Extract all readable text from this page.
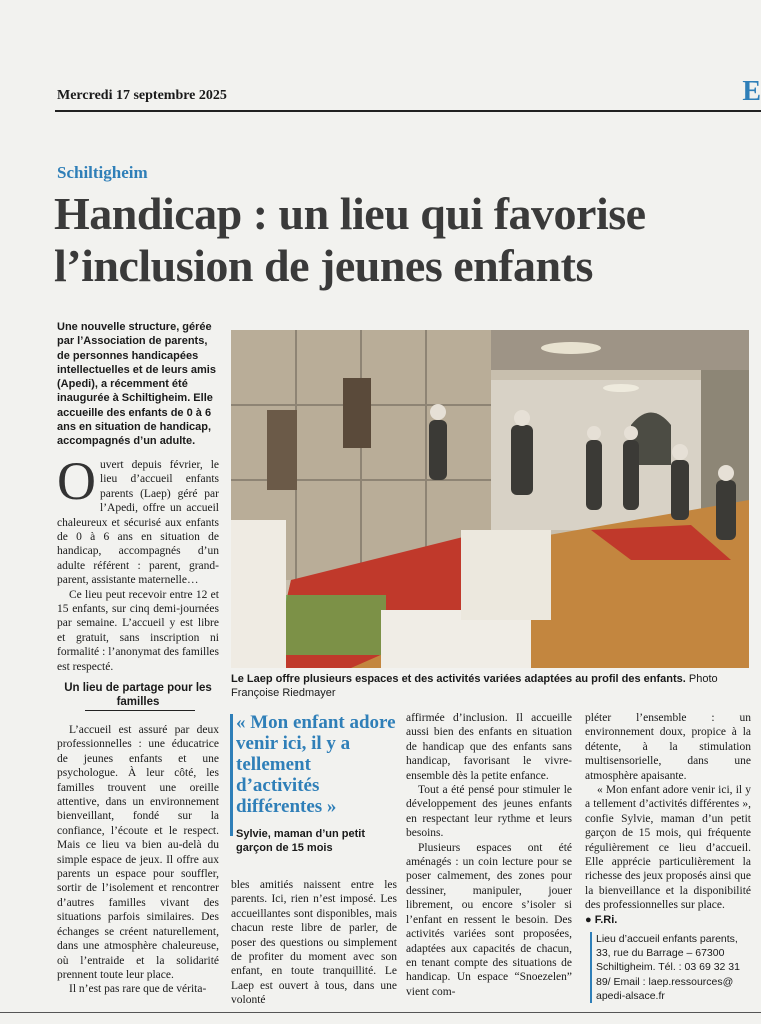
Mercredi 17 septembre 2025	E
Schiltigheim
Handicap : un lieu qui favorise l’inclusion de jeunes enfants
Une nouvelle structure, gérée par l’Association de parents, de personnes handicapées intellectuelles et de leurs amis (Apedi), a récemment été inaugurée à Schiltigheim. Elle accueille des enfants de 0 à 6 ans en situation de handicap, accompagnés d’un adulte.

Ouvert depuis février, le lieu d’accueil enfants parents (Laep) géré par l’Apedi, offre un accueil chaleureux et sécurisé aux enfants de 0 à 6 ans en situation de handicap, accompagnés d’un adulte référent : parent, grand-parent, assistante maternelle…

Ce lieu peut recevoir entre 12 et 15 enfants, sur cinq demi-journées par semaine. L’accueil y est libre et gratuit, sans inscription ni formalité : l’anonymat des familles est respecté.

Un lieu de partage pour les familles

L’accueil est assuré par deux professionnelles : une éducatrice de jeunes enfants et une psychologue. À leur côté, les familles trouvent une oreille attentive, dans un environnement bienveillant, fondé sur la confiance, l’écoute et le respect. Mais ce lieu va bien au-delà du simple espace de jeux. Il offre aux parents un espace pour souffler, sortir de l’isolement et rencontrer d’autres familles vivant des situations parfois similaires. Des échanges se créent naturellement, dans une atmosphère chaleureuse, où l’entraide et la solidarité prennent toute leur place.

Il n’est pas rare que de vérita-

Le Laep offre plusieurs espaces et des activités variées adaptées au profil des enfants. Photo Françoise Riedmayer
« Mon enfant adore venir ici, il y a tellement d’activités différentes »
Sylvie, maman d’un petit garçon de 15 mois

bles amitiés naissent entre les parents. Ici, rien n’est imposé. Les accueillantes sont disponibles, mais chacun reste libre de parler, de poser des questions ou simplement de profiter du moment avec son enfant, en toute tranquillité. Le Laep est ouvert à tous, dans une volonté

affirmée d’inclusion. Il accueille aussi bien des enfants en situation de handicap que des enfants sans handicap, favorisant le vivre-ensemble dès la petite enfance.

Tout a été pensé pour stimuler le développement des jeunes enfants en respectant leur rythme et leurs besoins.

Plusieurs espaces ont été aménagés : un coin lecture pour se poser calmement, des zones pour dessiner, manipuler, jouer librement, ou encore s’isoler si l’enfant en ressent le besoin. Des activités variées sont proposées, adaptées aux capacités de chacun, en tenant compte des situations de handicap. Un espace “Snoezelen” vient com-

pléter l’ensemble : un environnement doux, propice à la détente, à la stimulation multisensorielle, dans une atmosphère apaisante.

« Mon enfant adore venir ici, il y a tellement d’activités différentes », confie Sylvie, maman d’un petit garçon de 15 mois, qui fréquente régulièrement ce lieu d’accueil. Elle apprécie particulièrement la richesse des jeux proposés ainsi que la bienveillance et la disponibilité des professionnelles sur place.

● F.Ri.

Lieu d’accueil enfants parents, 33, rue du Barrage – 67300 Schiltigheim. Tél. : 03 69 32 31 89/ Email : laep.ressources@ apedi-alsace.fr
